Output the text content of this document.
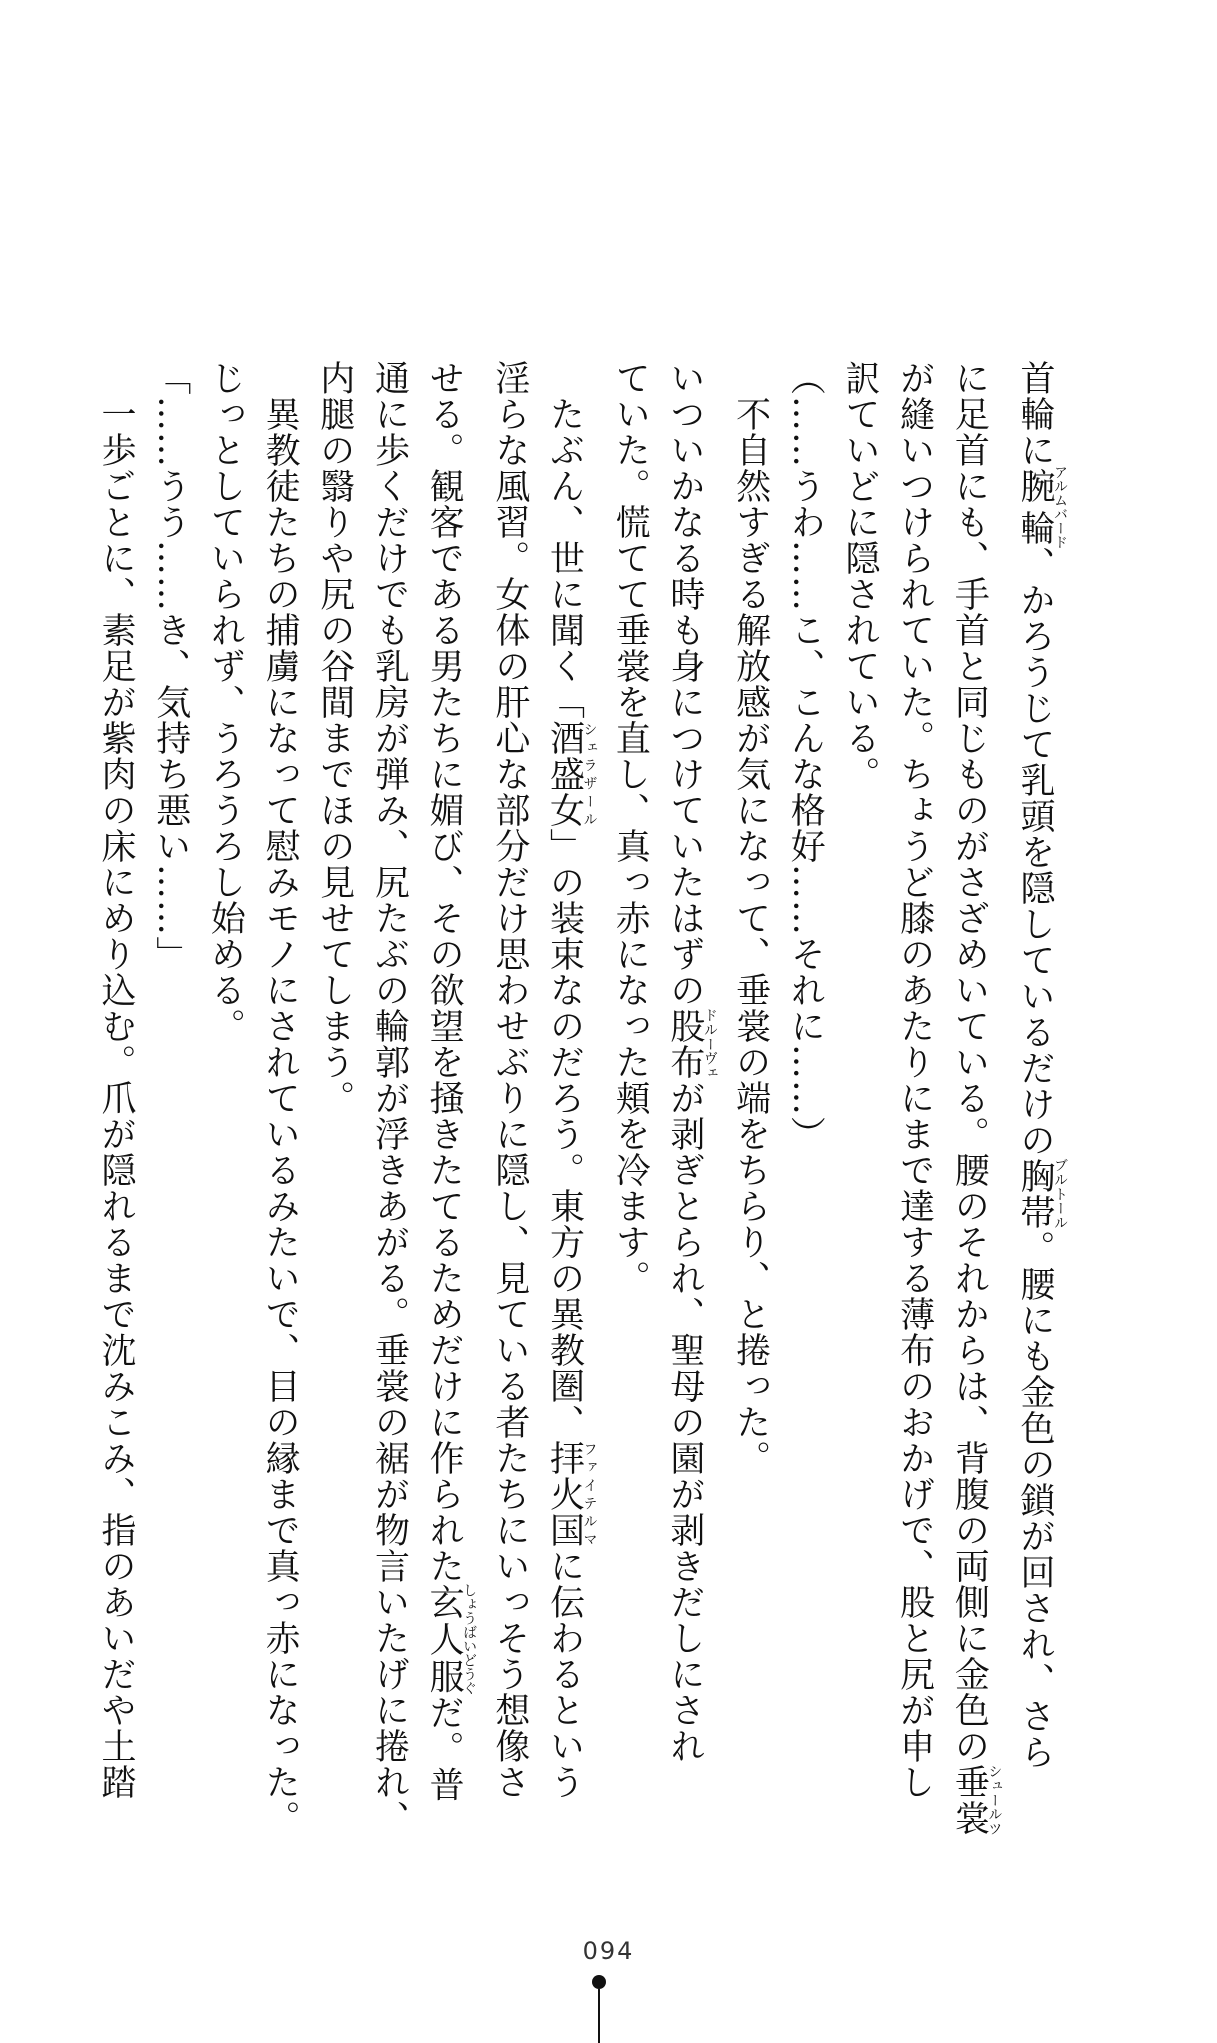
首輪に腕輪アルムバード、かろうじて乳頭を隠しているだけの胸帯ブルトール。腰にも金色の鎖が回され、さら
に足首にも、手首と同じものがさざめいている。腰のそれからは、背腹の両側に金色の垂裳シュールツ
が縫いつけられていた。ちょうど膝のあたりにまで達する薄布のおかげで、股と尻が申し
訳ていどに隠されている。
（……うわ……こ、こんな格好……それに……）
　不自然すぎる解放感が気になって、垂裳の端をちらり、と捲った。
いついかなる時も身につけていたはずの股布ドルーヴェが剥ぎとられ、聖母の園が剥きだしにされ
ていた。慌てて垂裳を直し、真っ赤になった頬を冷ます。
　たぶん、世に聞く「酒盛女シェラザール」の装束なのだろう。東方の異教圏、拝火国ファイテルマに伝わるという
淫らな風習。女体の肝心な部分だけ思わせぶりに隠し、見ている者たちにいっそう想像さ
せる。観客である男たちに媚び、その欲望を掻きたてるためだけに作られた玄人服しょうばいどうぐだ。普
通に歩くだけでも乳房が弾み、尻たぶの輪郭が浮きあがる。垂裳の裾が物言いたげに捲れ、
内腿の翳りや尻の谷間までほの見せてしまう。
　異教徒たちの捕虜になって慰みモノにされているみたいで、目の縁まで真っ赤になった。
じっとしていられず、うろうろし始める。
「……うう……き、気持ち悪い……」
　一歩ごとに、素足が紫肉の床にめり込む。爪が隠れるまで沈みこみ、指のあいだや土踏
094
